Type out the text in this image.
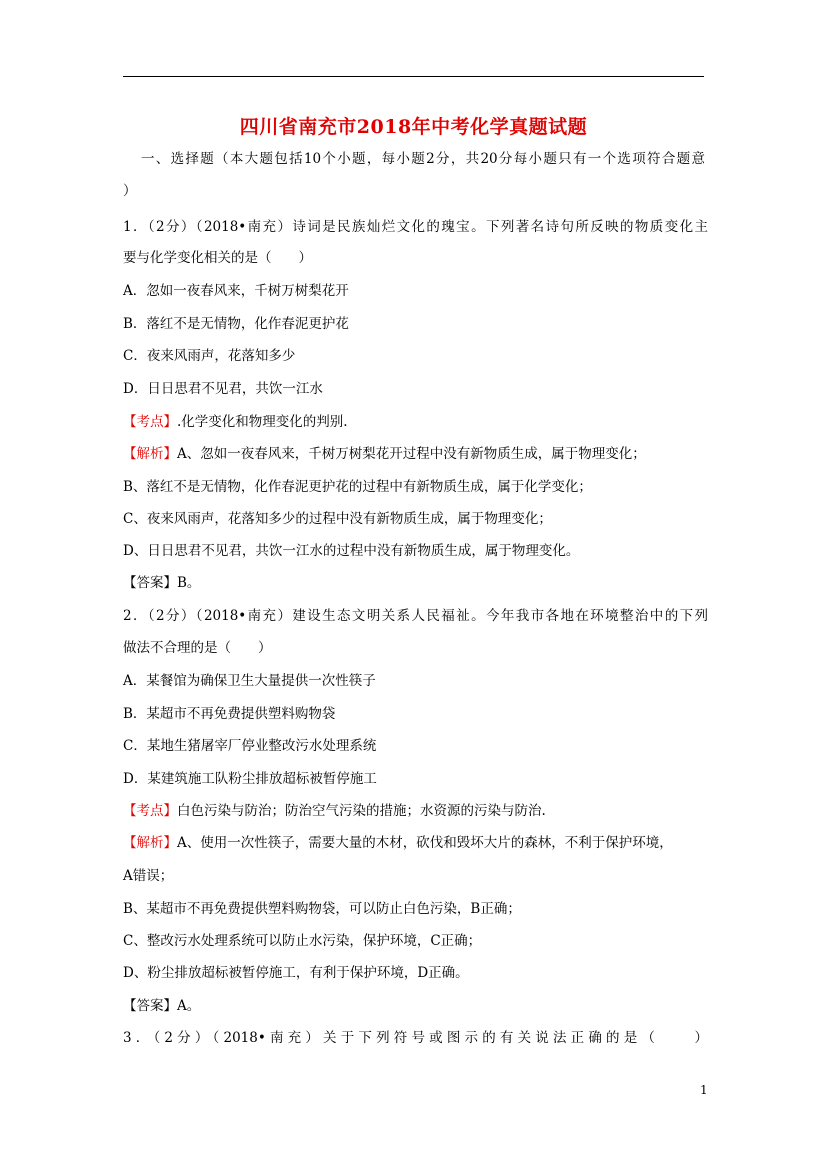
四川省南充市2018年中考化学真题试题
一、选择题（本大题包括10个小题，每小题2分，共20分每小题只有一个选项符合题意
）
1．（2分）（2018•南充）诗词是民族灿烂文化的瑰宝。下列著名诗句所反映的物质变化主
要与化学变化相关的是（　　）
A．忽如一夜春风来，千树万树梨花开
B．落红不是无情物，化作春泥更护花
C．夜来风雨声，花落知多少
D．日日思君不见君，共饮一江水
【考点】.化学变化和物理变化的判别.
【解析】A、忽如一夜春风来，千树万树梨花开过程中没有新物质生成，属于物理变化；
B、落红不是无情物，化作春泥更护花的过程中有新物质生成，属于化学变化；
C、夜来风雨声，花落知多少的过程中没有新物质生成，属于物理变化；
D、日日思君不见君，共饮一江水的过程中没有新物质生成，属于物理变化。
【答案】B。
2．（2分）（2018•南充）建设生态文明关系人民福祉。今年我市各地在环境整治中的下列
做法不合理的是（　　）
A．某餐馆为确保卫生大量提供一次性筷子
B．某超市不再免费提供塑料购物袋
C．某地生猪屠宰厂停业整改污水处理系统
D．某建筑施工队粉尘排放超标被暂停施工
【考点】白色污染与防治；防治空气污染的措施；水资源的污染与防治.
【解析】A、使用一次性筷子，需要大量的木材，砍伐和毁坏大片的森林，不利于保护环境，
A错误；
B、某超市不再免费提供塑料购物袋，可以防止白色污染，B正确；
C、整改污水处理系统可以防止水污染，保护环境，C正确；
D、粉尘排放超标被暂停施工，有利于保护环境，D正确。
【答案】A。
3．（2分）（2018•南充）关于下列符号或图示的有关说法正确的是（　　）
1
